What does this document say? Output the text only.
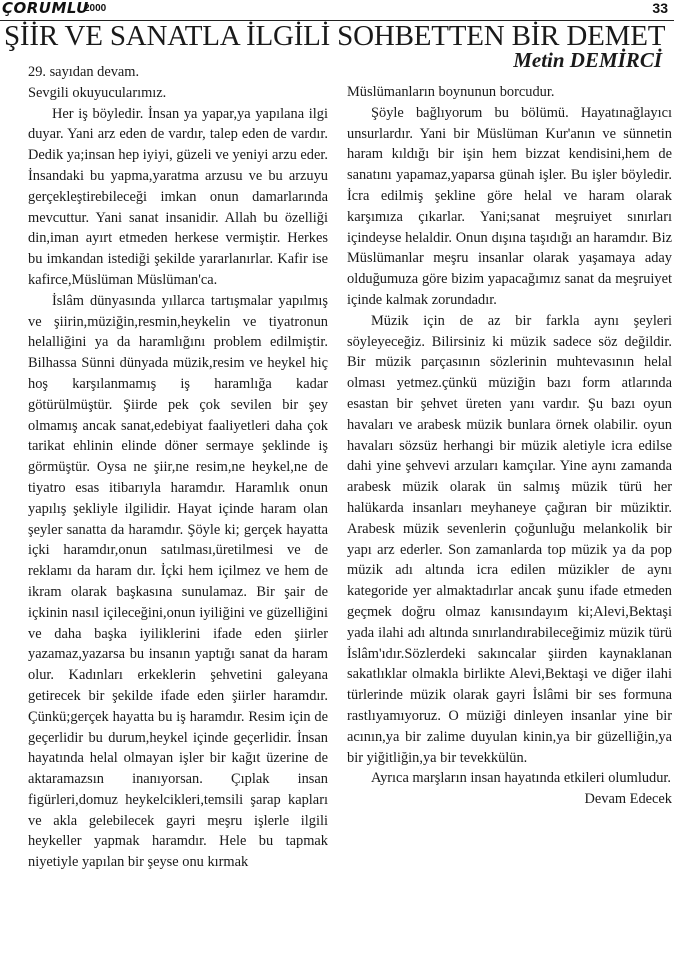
ÇORUMLU
2000	33
ŞİİR VE SANATLA İLGİLİ SOHBETTEN BİR DEMET
Metin DEMİRCİ

29. sayıdan devam.

Sevgili okuyucularımız.

Her iş böyledir. İnsan ya yapar,ya yapılana ilgi duyar. Yani arz eden de vardır, talep eden de vardır. Dedik ya;insan hep iyiyi, güzeli ve yeniyi arzu eder. İnsandaki bu yapma,yaratma arzusu ve bu arzuyu gerçekleştirebileceği imkan onun damarlarında mevcuttur. Yani sanat insanidir. Allah bu özelliği din,iman ayırt etmeden herkese vermiştir. Herkes bu imkandan istediği şekilde yararlanırlar. Kafir ise kafirce,Müslüman Müslüman'ca.

İslâm dünyasında yıllarca tartışmalar yapılmış ve şiirin,müziğin,resmin,heykelin ve tiyatronun helalliğini ya da haramlığını problem edilmiştir. Bilhassa Sünni dünyada müzik,resim ve heykel hiç hoş karşılanmamış iş haramlığa kadar götürülmüştür. Şiirde pek çok sevilen bir şey olmamış ancak sanat,edebiyat faaliyetleri daha çok tarikat ehlinin elinde döner sermaye şeklinde iş görmüştür. Oysa ne şiir,ne resim,ne heykel,ne de tiyatro esas itibarıyla haramdır. Haramlık onun yapılış şekliyle ilgilidir. Hayat içinde haram olan şeyler sanatta da haramdır. Şöyle ki; gerçek hayatta içki haramdır,onun satılması,üretilmesi ve de reklamı da haram dır. İçki hem içilmez ve hem de ikram olarak başkasına sunulamaz. Bir şair de içkinin nasıl içileceğini,onun iyiliğini ve güzelliğini ve daha başka iyiliklerini ifade eden şiirler yazamaz,yazarsa bu insanın yaptığı sanat da haram olur. Kadınları erkeklerin şehvetini galeyana getirecek bir şekilde ifade eden şiirler haramdır. Çünkü;gerçek hayatta bu iş haramdır. Resim için de geçerlidir bu durum,heykel içinde geçerlidir. İnsan hayatında helal olmayan işler bir kağıt üzerine de aktaramazsın inanıyorsan. Çıplak insan figürleri,domuz heykelcikleri,temsili şarap kapları ve akla gelebilecek gayri meşru işlerle ilgili heykeller yapmak haramdır. Hele bu tapmak niyetiyle yapılan bir şeyse onu kırmak

Müslümanların boynunun borcudur.

Şöyle bağlıyorum bu bölümü. Hayatınağlayıcı unsurlardır. Yani bir Müslüman Kur'anın ve sünnetin haram kıldığı bir işin hem bizzat kendisini,hem de sanatını yapamaz,yaparsa günah işler. Bu işler böyledir. İcra edilmiş şekline göre helal ve haram olarak karşımıza çıkarlar. Yani;sanat meşruiyet sınırları içindeyse helaldir. Onun dışına taşıdığı an haramdır. Biz Müslümanlar meşru insanlar olarak yaşamaya aday olduğumuza göre bizim yapacağımız sanat da meşruiyet içinde kalmak zorundadır.

Müzik için de az bir farkla aynı şeyleri söyleyeceğiz. Bilirsiniz ki müzik sadece söz değildir. Bir müzik parçasının sözlerinin muhtevasının helal olması yetmez.çünkü müziğin bazı form atlarında esastan bir şehvet üreten yanı vardır. Şu bazı oyun havaları ve arabesk müzik bunlara örnek olabilir. oyun havaları sözsüz herhangi bir müzik aletiyle icra edilse dahi yine şehvevi arzuları kamçılar. Yine aynı zamanda arabesk müzik olarak ün salmış müzik türü her halükarda insanları meyhaneye çağıran bir müziktir. Arabesk müzik sevenlerin çoğunluğu melankolik bir yapı arz ederler. Son zamanlarda top müzik ya da pop müzik adı altında icra edilen müzikler de aynı kategoride yer almaktadırlar ancak şunu ifade etmeden geçmek doğru olmaz kanısındayım ki;Alevi,Bektaşi yada ilahi adı altında sınırlandırabileceğimiz müzik türü İslâm'ıdır.Sözlerdeki sakıncalar şiirden kaynaklanan sakatlıklar olmakla birlikte Alevi,Bektaşi ve diğer ilahi türlerinde müzik olarak gayri İslâmi bir ses formuna rastlıyamıyoruz. O müziği dinleyen insanlar yine bir acının,ya bir zalime duyulan kinin,ya bir güzelliğin,ya bir yiğitliğin,ya bir tevekkülün.

Ayrıca marşların insan hayatında etkileri olumludur.

Devam Edecek
